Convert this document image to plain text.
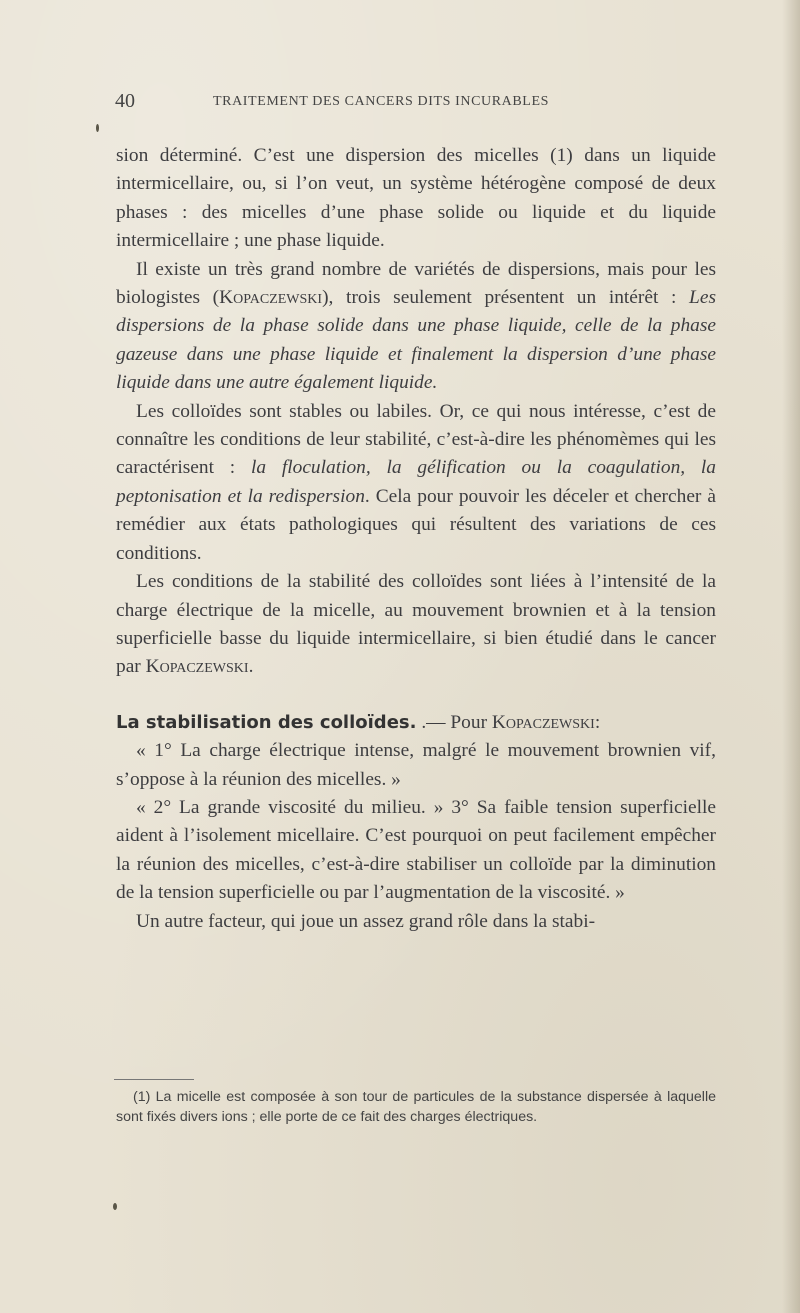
40	TRAITEMENT DES CANCERS DITS INCURABLES

sion déterminé. C’est une dispersion des micelles (1) dans un liquide intermicellaire, ou, si l’on veut, un système hétérogène composé de deux phases : des micelles d’une phase solide ou liquide et du liquide intermicellaire ; une phase liquide.

Il existe un très grand nombre de variétés de dispersions, mais pour les biologistes (Kopaczewski), trois seulement présentent un intérêt : Les dispersions de la phase solide dans une phase liquide, celle de la phase gazeuse dans une phase liquide et finalement la dispersion d’une phase liquide dans une autre également liquide.

Les colloïdes sont stables ou labiles. Or, ce qui nous intéresse, c’est de connaître les conditions de leur stabilité, c’est-à-dire les phénomèmes qui les caractérisent : la floculation, la gélification ou la coagulation, la peptonisation et la redispersion. Cela pour pouvoir les déceler et chercher à remédier aux états pathologiques qui résultent des variations de ces conditions.

Les conditions de la stabilité des colloïdes sont liées à l’intensité de la charge électrique de la micelle, au mouvement brownien et à la tension superficielle basse du liquide intermicellaire, si bien étudié dans le cancer par Kopaczewski.

La stabilisation des colloïdes. .— Pour Kopaczewski:

« 1° La charge électrique intense, malgré le mouvement brownien vif, s’oppose à la réunion des micelles. »

« 2° La grande viscosité du milieu. » 3° Sa faible tension superficielle aident à l’isolement micellaire. C’est pourquoi on peut facilement empêcher la réunion des micelles, c’est-à-dire stabiliser un colloïde par la diminution de la tension superficielle ou par l’augmentation de la viscosité. »

Un autre facteur, qui joue un assez grand rôle dans la stabi-

(1) La micelle est composée à son tour de particules de la substance dispersée à laquelle sont fixés divers ions ; elle porte de ce fait des charges électriques.
